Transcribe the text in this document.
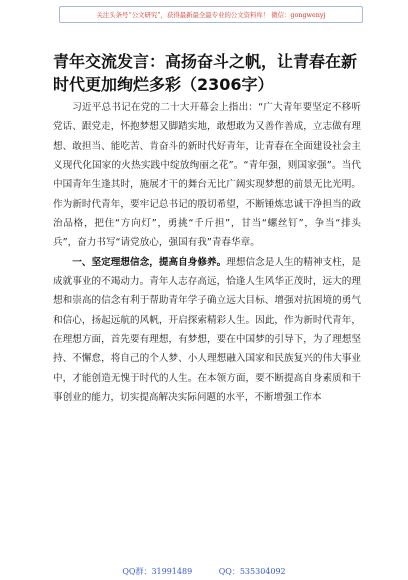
关注头条号“公文研究”，获得最新最全最专业的公文资料库！ 微信：gongwenyj
青年交流发言：高扬奋斗之帆，让青春在新时代更加绚烂多彩（2306字）

习近平总书记在党的二十大开幕会上指出：“广大青年要坚定不移听党话、跟党走，怀抱梦想又脚踏实地，敢想敢为又善作善成，立志做有理想、敢担当、能吃苦、肯奋斗的新时代好青年，让青春在全面建设社会主义现代化国家的火热实践中绽放绚丽之花”。“青年强，则国家强”。当代中国青年生逢其时，施展才干的舞台无比广阔实现梦想的前景无比光明。作为新时代青年，要牢记总书记的殷切希望，不断锤炼忠诚干净担当的政治品格，把住“方向灯”，勇挑“千斤担”，甘当“螺丝钉”，争当“排头兵”，奋力书写“请党放心，强国有我”青春华章。

一、坚定理想信念，提高自身修养。理想信念是人生的精神支柱，是成就事业的不竭动力。青年人志存高远，恰逢人生风华正茂时，远大的理想和崇高的信念有利于帮助青年学子确立远大目标、增强对抗困境的勇气和信心，扬起远航的风帆，开启探索精彩人生。因此，作为新时代青年，在理想方面，首先要有理想，有梦想，要在中国梦的引导下，为了理想坚持、不懈怠，将自己的个人梦、小人理想融入国家和民族复兴的伟大事业中，才能创造无愧于时代的人生。在本领方面，要不断提高自身素质和干事创业的能力，切实提高解决实际问题的水平，不断增强工作本

QQ群：31991489	QQ：535304092
